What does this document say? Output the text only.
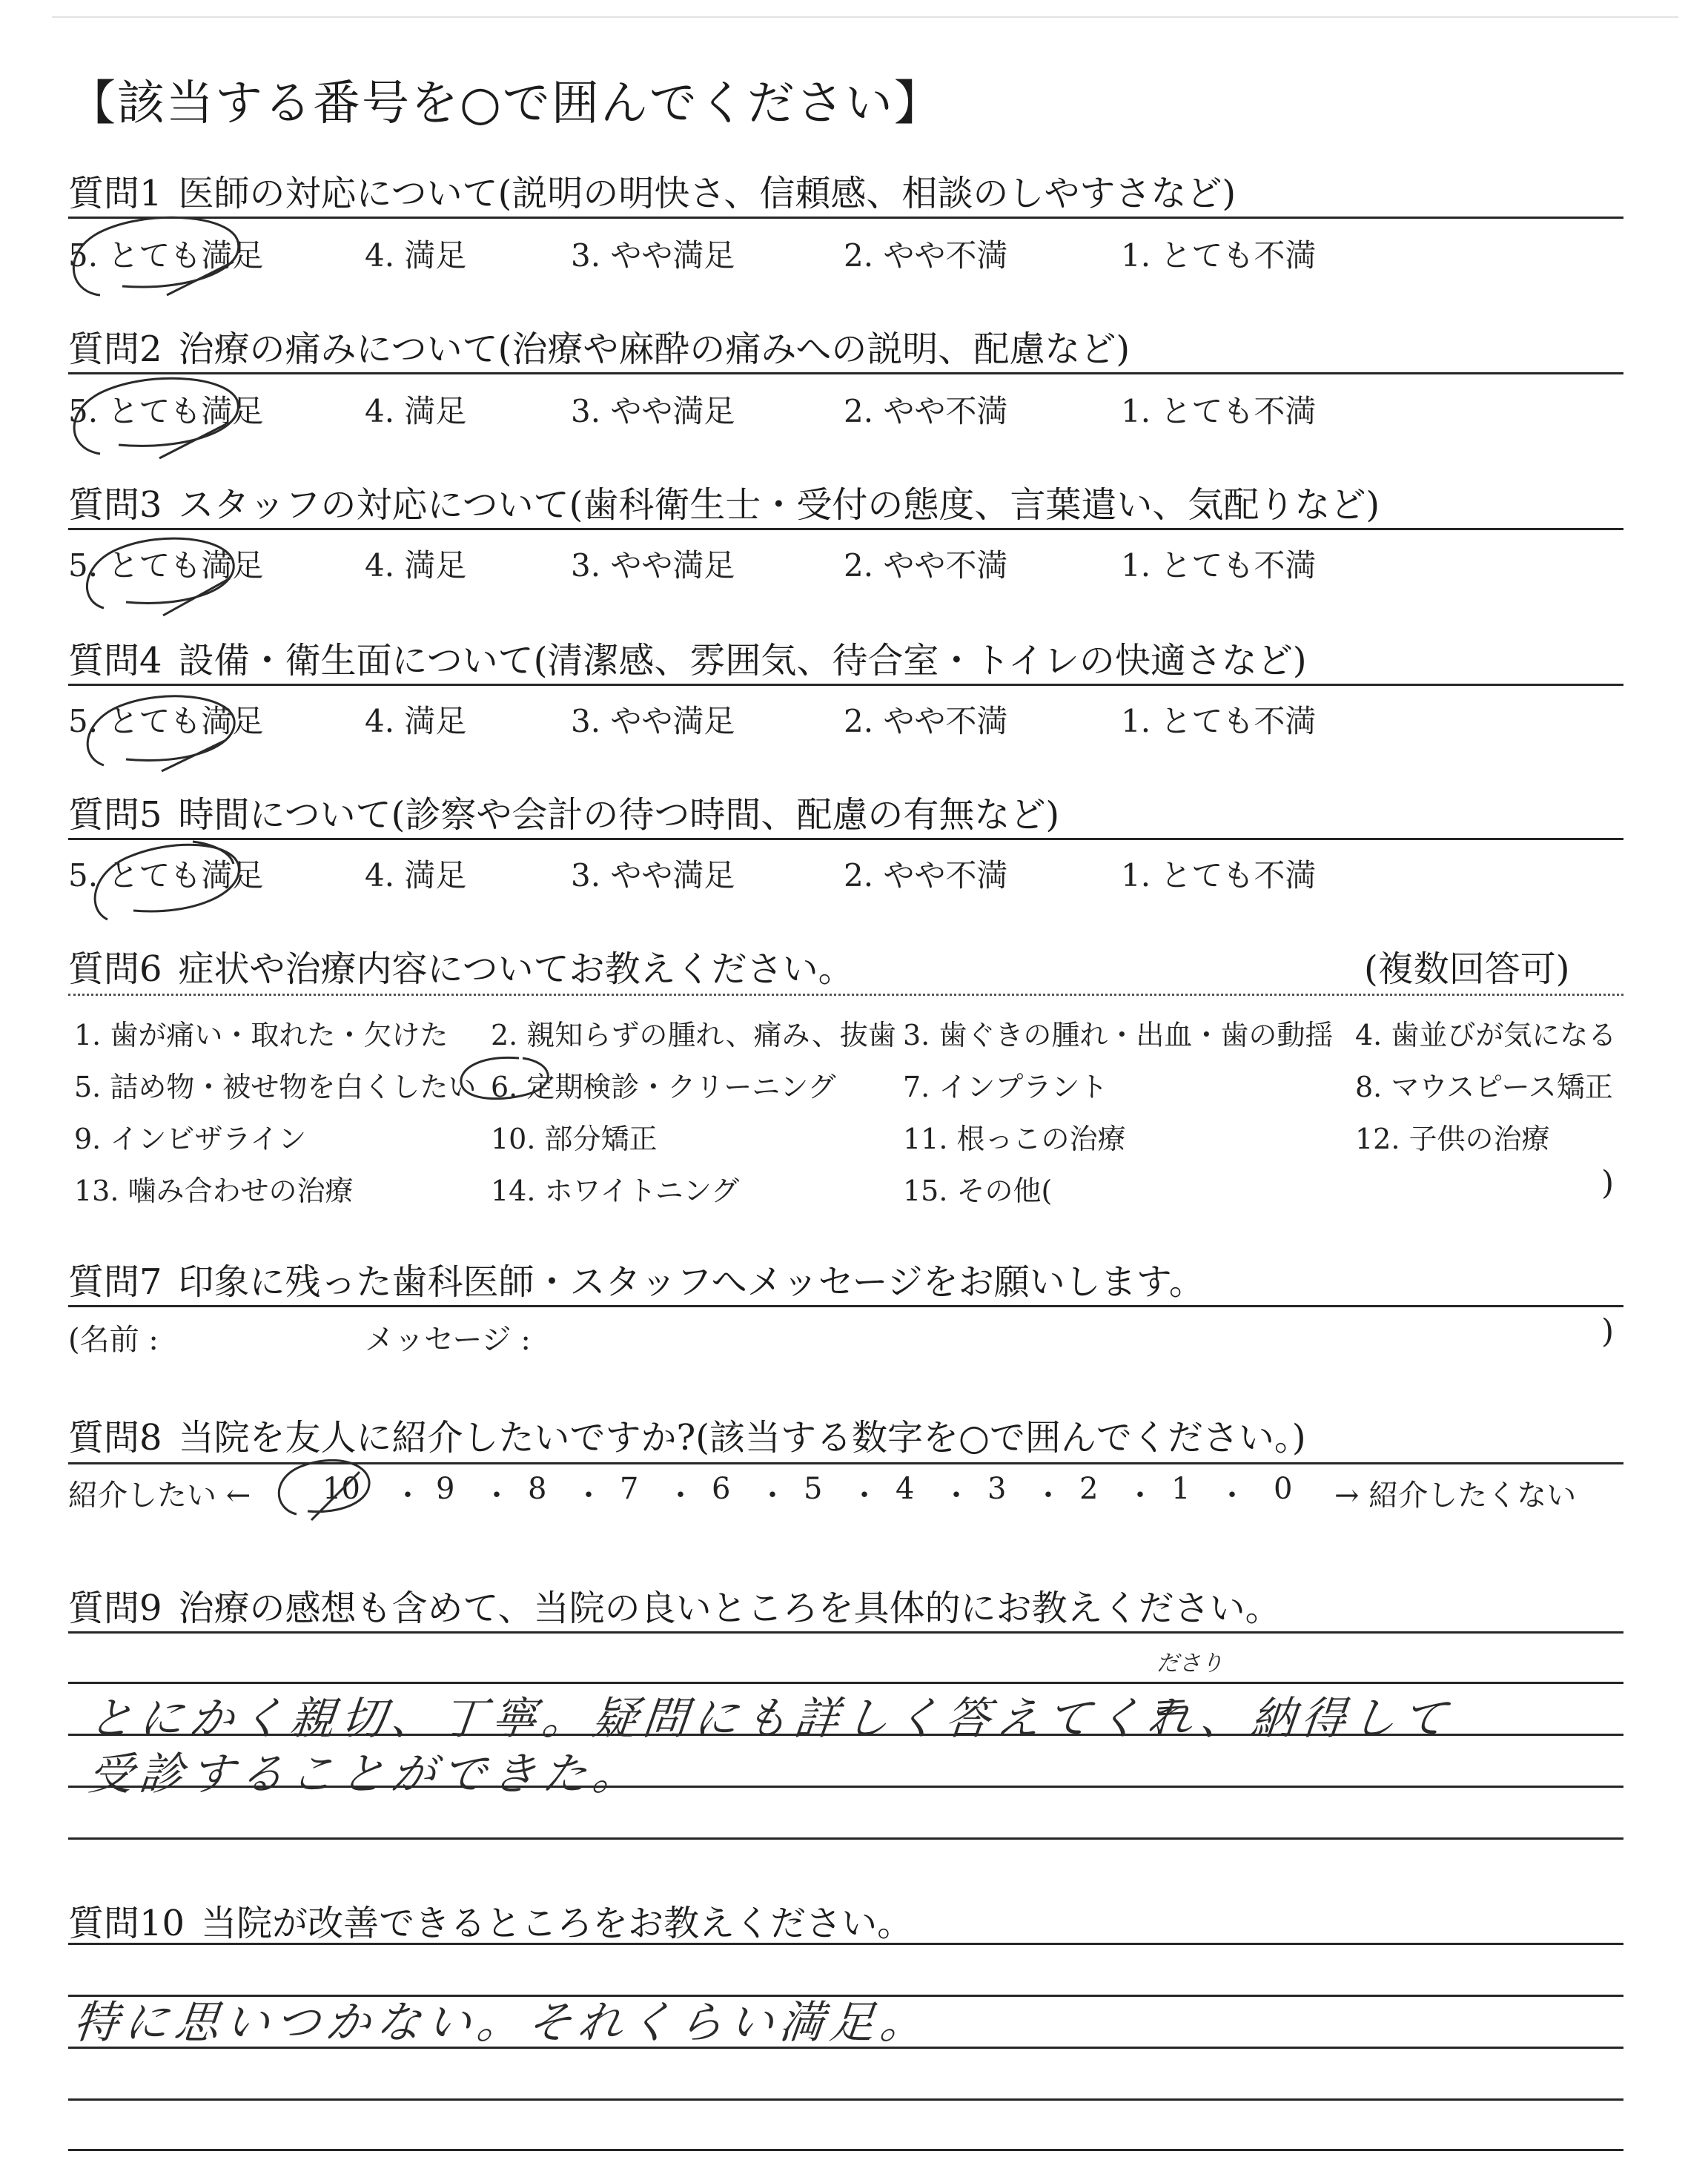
【該当する番号を○で囲んでください】
質問1 医師の対応について(説明の明快さ、信頼感、相談のしやすさなど)
5. とても満足	4. 満足	3. やや満足	2. やや不満	1. とても不満
質問2 治療の痛みについて(治療や麻酔の痛みへの説明、配慮など)
5. とても満足	4. 満足	3. やや満足	2. やや不満	1. とても不満
質問3 スタッフの対応について(歯科衛生士・受付の態度、言葉遣い、気配りなど)
5. とても満足	4. 満足	3. やや満足	2. やや不満	1. とても不満
質問4 設備・衛生面について(清潔感、雰囲気、待合室・トイレの快適さなど)
5. とても満足	4. 満足	3. やや満足	2. やや不満	1. とても不満
質問5 時間について(診察や会計の待つ時間、配慮の有無など)
5. とても満足	4. 満足	3. やや満足	2. やや不満	1. とても不満
質問6 症状や治療内容についてお教えください。	(複数回答可)
1. 歯が痛い・取れた・欠けた 2. 親知らずの腫れ、痛み、抜歯 3. 歯ぐきの腫れ・出血・歯の動揺 4. 歯並びが気になる
5. 詰め物・被せ物を白くしたい 6. 定期検診・クリーニング 7. インプラント	8. マウスピース矯正
9. インビザライン	10. 部分矯正	11. 根っこの治療	12. 子供の治療
13. 噛み合わせの治療	14. ホワイトニング	15. その他(	)
質問7 印象に残った歯科医師・スタッフへメッセージをお願いします。
(名前 :	メッセージ :	)
質問8 当院を友人に紹介したいですか?(該当する数字を○で囲んでください。)
紹介したい ←	→ 紹介したくない
10 ・ 9 ・ 8 ・ 7 ・ 6 ・ 5 ・ 4 ・ 3 ・ 2 ・ 1 ・ 0
質問9 治療の感想も含めて、当院の良いところを具体的にお教えください。
ださり
とにかく親切、丁寧。疑問にも詳しく答えてくれ、納得して
受診することができた。
質問10 当院が改善できるところをお教えください。
特に思いつかない。それくらい満足。
